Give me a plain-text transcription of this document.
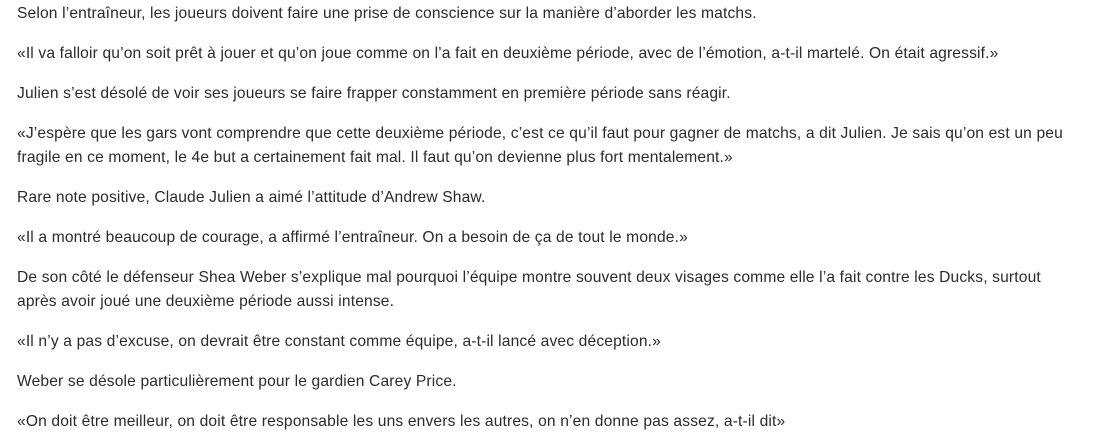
Selon l’entraîneur, les joueurs doivent faire une prise de conscience sur la manière d’aborder les matchs.

«Il va falloir qu’on soit prêt à jouer et qu’on joue comme on l’a fait en deuxième période, avec de l’émotion, a-t-il martelé. On était agressif.»

Julien s’est désolé de voir ses joueurs se faire frapper constamment en première période sans réagir.

«J’espère que les gars vont comprendre que cette deuxième période, c’est ce qu’il faut pour gagner de matchs, a dit Julien. Je sais qu’on est un peu fragile en ce moment, le 4e but a certainement fait mal. Il faut qu’on devienne plus fort mentalement.»

Rare note positive, Claude Julien a aimé l’attitude d’Andrew Shaw.

«Il a montré beaucoup de courage, a affirmé l’entraîneur. On a besoin de ça de tout le monde.»

De son côté le défenseur Shea Weber s’explique mal pourquoi l’équipe montre souvent deux visages comme elle l’a fait contre les Ducks, surtout après avoir joué une deuxième période aussi intense.

«Il n’y a pas d’excuse, on devrait être constant comme équipe, a-t-il lancé avec déception.»

Weber se désole particulièrement pour le gardien Carey Price.

«On doit être meilleur, on doit être responsable les uns envers les autres, on n’en donne pas assez, a-t-il dit»
